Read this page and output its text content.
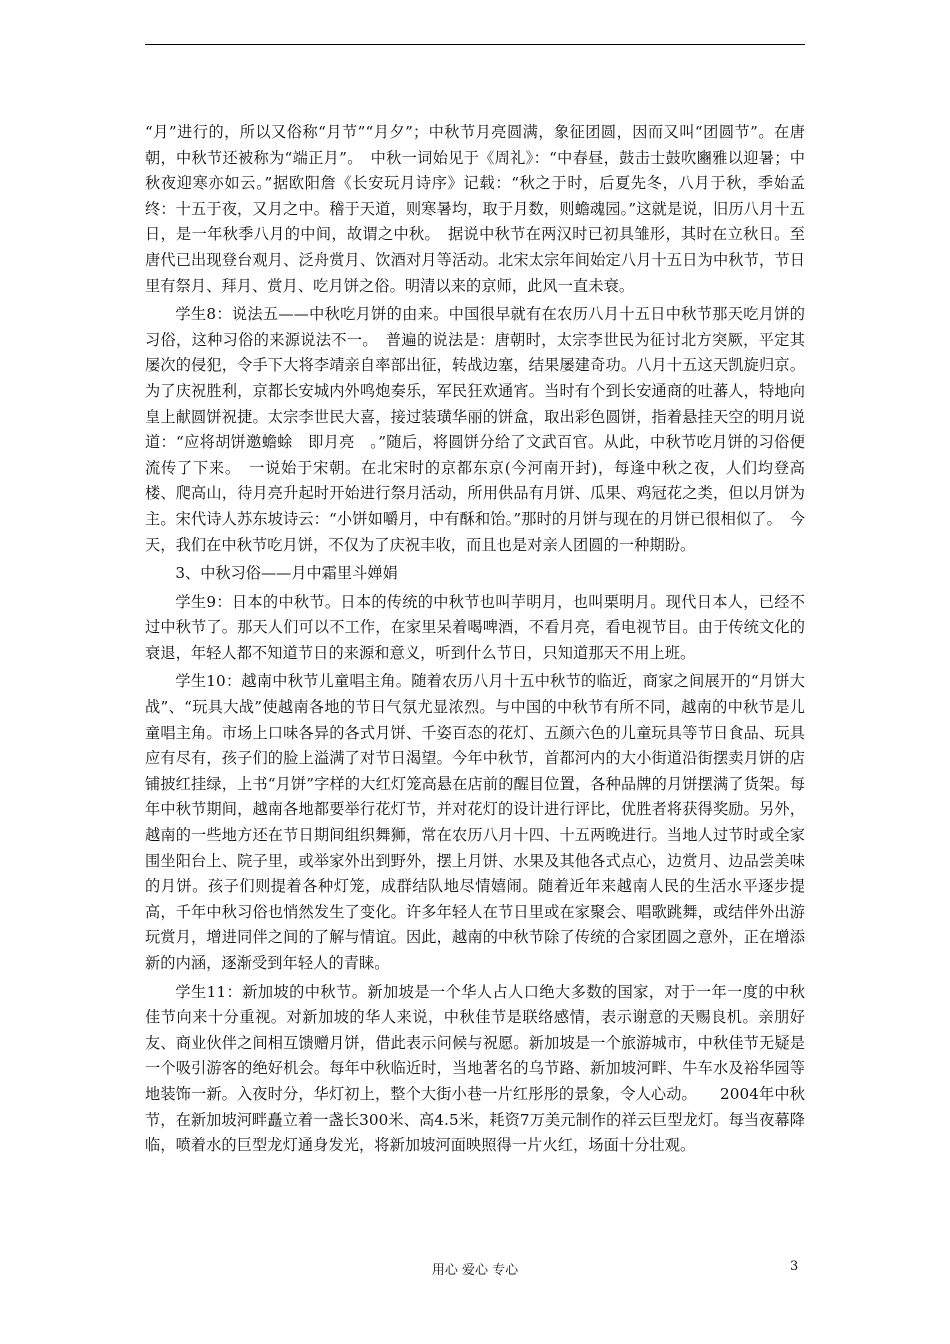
“月”进行的，所以又俗称“月节”“月夕”；中秋节月亮圆满，象征团圆，因而又叫“团圆节”。在唐朝，中秋节还被称为“端正月”。　中秋一词始见于《周礼》：“中春昼，鼓击士鼓吹豳雅以迎暑；中秋夜迎寒亦如云。”据欧阳詹《长安玩月诗序》记载：“秋之于时，后夏先冬，八月于秋，季始孟终：十五于夜，又月之中。稽于天道，则寒暑均，取于月数，则蟾魂园。”这就是说，旧历八月十五日，是一年秋季八月的中间，故谓之中秋。　据说中秋节在两汉时已初具雏形，其时在立秋日。至唐代已出现登台观月、泛舟赏月、饮酒对月等活动。北宋太宗年间始定八月十五日为中秋节，节日里有祭月、拜月、赏月、吃月饼之俗。明清以来的京师，此风一直未衰。

学生8：说法五——中秋吃月饼的由来。中国很早就有在农历八月十五日中秋节那天吃月饼的习俗，这种习俗的来源说法不一。　普遍的说法是：唐朝时，太宗李世民为征讨北方突厥，平定其屡次的侵犯，令手下大将李靖亲自率部出征，转战边塞，结果屡建奇功。八月十五这天凯旋归京。为了庆祝胜利，京都长安城内外鸣炮奏乐，军民狂欢通宵。当时有个到长安通商的吐蕃人，特地向皇上献圆饼祝捷。太宗李世民大喜，接过装璜华丽的饼盒，取出彩色圆饼，指着悬挂天空的明月说道：“应将胡饼邀蟾蜍　即月亮　。”随后，将圆饼分给了文武百官。从此，中秋节吃月饼的习俗便流传了下来。　一说始于宋朝。在北宋时的京都东京(今河南开封)，每逢中秋之夜，人们均登高楼、爬高山，待月亮升起时开始进行祭月活动，所用供品有月饼、瓜果、鸡冠花之类，但以月饼为主。宋代诗人苏东坡诗云：“小饼如嚼月，中有酥和饴。”那时的月饼与现在的月饼已很相似了。　今天，我们在中秋节吃月饼，不仅为了庆祝丰收，而且也是对亲人团圆的一种期盼。

3、中秋习俗——月中霜里斗婵娟

学生9：日本的中秋节。日本的传统的中秋节也叫芋明月，也叫栗明月。现代日本人，已经不过中秋节了。那天人们可以不工作，在家里呆着喝啤酒，不看月亮，看电视节目。由于传统文化的衰退，年轻人都不知道节日的来源和意义，听到什么节日，只知道那天不用上班。

学生10：越南中秋节儿童唱主角。随着农历八月十五中秋节的临近，商家之间展开的“月饼大战”、“玩具大战”使越南各地的节日气氛尤显浓烈。与中国的中秋节有所不同，越南的中秋节是儿童唱主角。市场上口味各异的各式月饼、千姿百态的花灯、五颜六色的儿童玩具等节日食品、玩具应有尽有，孩子们的脸上溢满了对节日渴望。今年中秋节，首都河内的大小街道沿街摆卖月饼的店铺披红挂绿，上书“月饼”字样的大红灯笼高悬在店前的醒目位置，各种品牌的月饼摆满了货架。每年中秋节期间，越南各地都要举行花灯节，并对花灯的设计进行评比，优胜者将获得奖励。另外，越南的一些地方还在节日期间组织舞狮，常在农历八月十四、十五两晚进行。当地人过节时或全家围坐阳台上、院子里，或举家外出到野外，摆上月饼、水果及其他各式点心，边赏月、边品尝美味的月饼。孩子们则提着各种灯笼，成群结队地尽情嬉闹。随着近年来越南人民的生活水平逐步提高，千年中秋习俗也悄然发生了变化。许多年轻人在节日里或在家聚会、唱歌跳舞，或结伴外出游玩赏月，增进同伴之间的了解与情谊。因此，越南的中秋节除了传统的合家团圆之意外，正在增添新的内涵，逐渐受到年轻人的青睐。

学生11：新加坡的中秋节。新加坡是一个华人占人口绝大多数的国家，对于一年一度的中秋佳节向来十分重视。对新加坡的华人来说，中秋佳节是联络感情，表示谢意的天赐良机。亲朋好友、商业伙伴之间相互馈赠月饼，借此表示问候与祝愿。新加坡是一个旅游城市，中秋佳节无疑是一个吸引游客的绝好机会。每年中秋临近时，当地著名的乌节路、新加坡河畔、牛车水及裕华园等地装饰一新。入夜时分，华灯初上，整个大街小巷一片红彤彤的景象，令人心动。　　2004年中秋节，在新加坡河畔矗立着一盏长300米、高4.5米，耗资7万美元制作的祥云巨型龙灯。每当夜幕降临，喷着水的巨型龙灯通身发光，将新加坡河面映照得一片火红，场面十分壮观。

用心 爱心 专心	3
